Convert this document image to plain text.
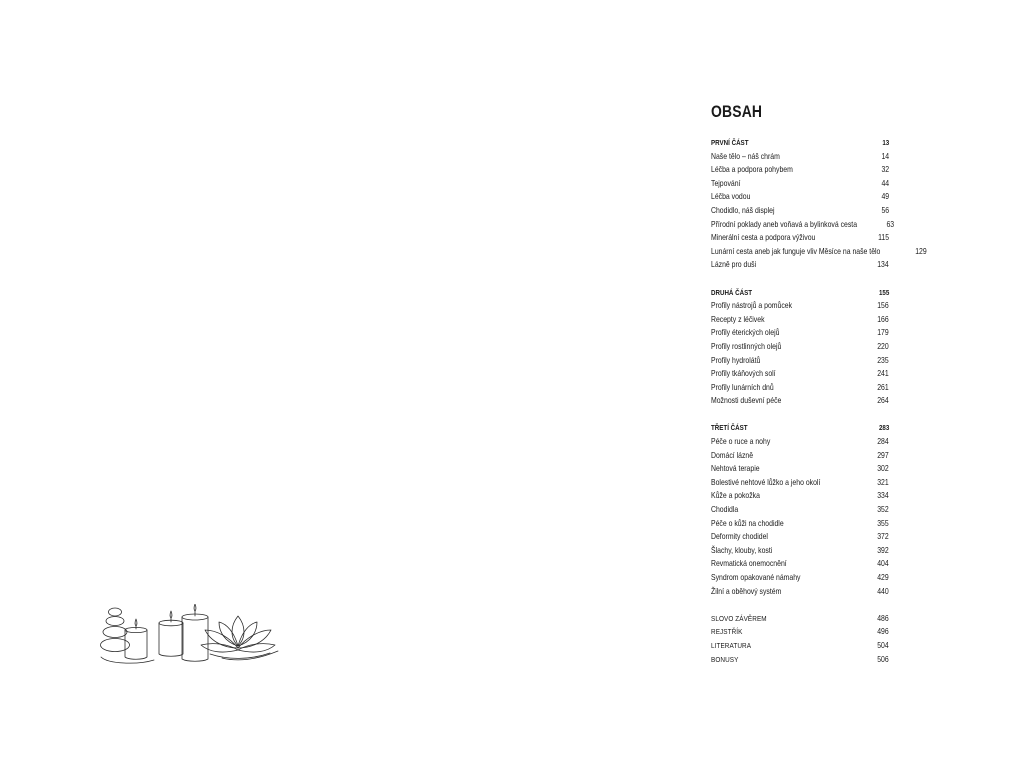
OBSAH
PRVNÍ ČÁST	13
Naše tělo – náš chrám	14
Léčba a podpora pohybem	32
Tejpování	44
Léčba vodou	49
Chodidlo, náš displej	56
Přírodní poklady aneb voňavá a bylinková cesta	63
Minerální cesta a podpora výživou	115
Lunární cesta aneb jak funguje vliv Měsíce na naše tělo	129
Lázně pro duši	134
DRUHÁ ČÁST	155
Profily nástrojů a pomůcek	156
Recepty z léčivek	166
Profily éterických olejů	179
Profily rostlinných olejů	220
Profily hydrolátů	235
Profily tkáňových solí	241
Profily lunárních dnů	261
Možnosti duševní péče	264
TŘETÍ ČÁST	283
Péče o ruce a nohy	284
Domácí lázně	297
Nehtová terapie	302
Bolestivé nehtové lůžko a jeho okolí	321
Kůže a pokožka	334
Chodidla	352
Péče o kůži na chodidle	355
Deformity chodidel	372
Šlachy, klouby, kosti	392
Revmatická onemocnění	404
Syndrom opakované námahy	429
Žilní a oběhový systém	440
SLOVO ZÁVĚREM	486
REJSTŘÍK	496
LITERATURA	504
BONUSY	506
